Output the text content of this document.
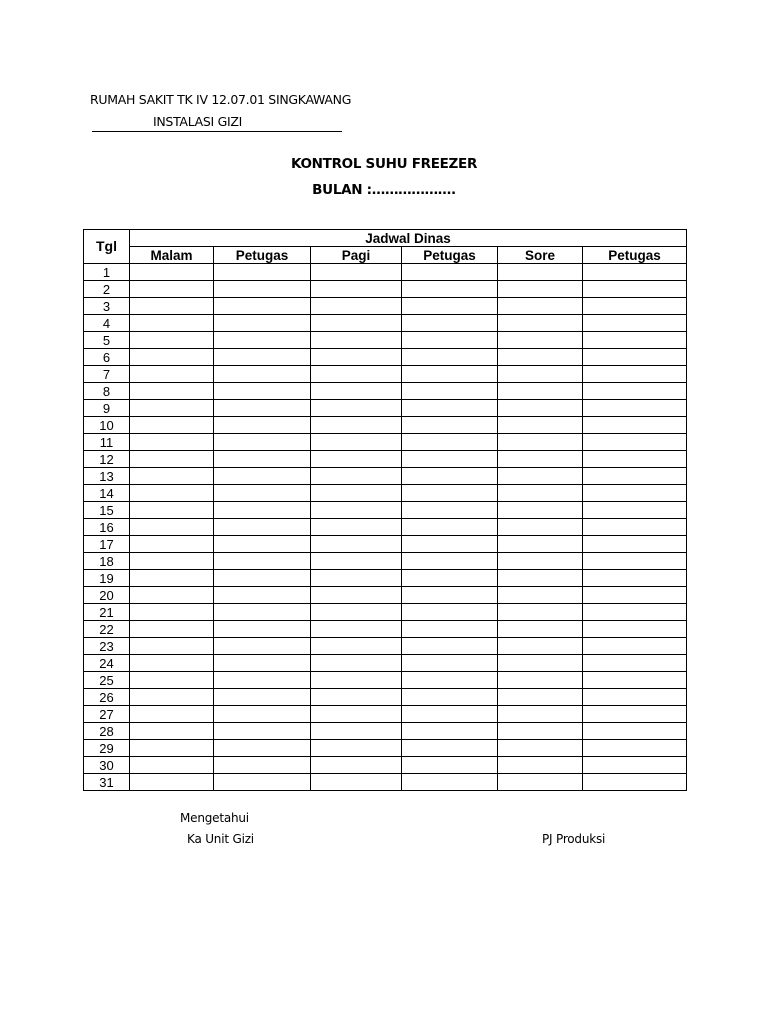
RUMAH SAKIT TK IV 12.07.01 SINGKAWANG
INSTALASI GIZI
KONTROL SUHU FREEZER
BULAN :……………….
Tgl	Jadwal Dinas					
	Malam	Petugas	Pagi	Petugas	Sore	Petugas
1						
2						
3						
4						
5						
6						
7						
8						
9						
10						
11						
12						
13						
14						
15						
16						
17						
18						
19						
20						
21						
22						
23						
24						
25						
26						
27						
28						
29						
30						
31						
Mengetahui
Ka Unit Gizi	PJ Produksi
